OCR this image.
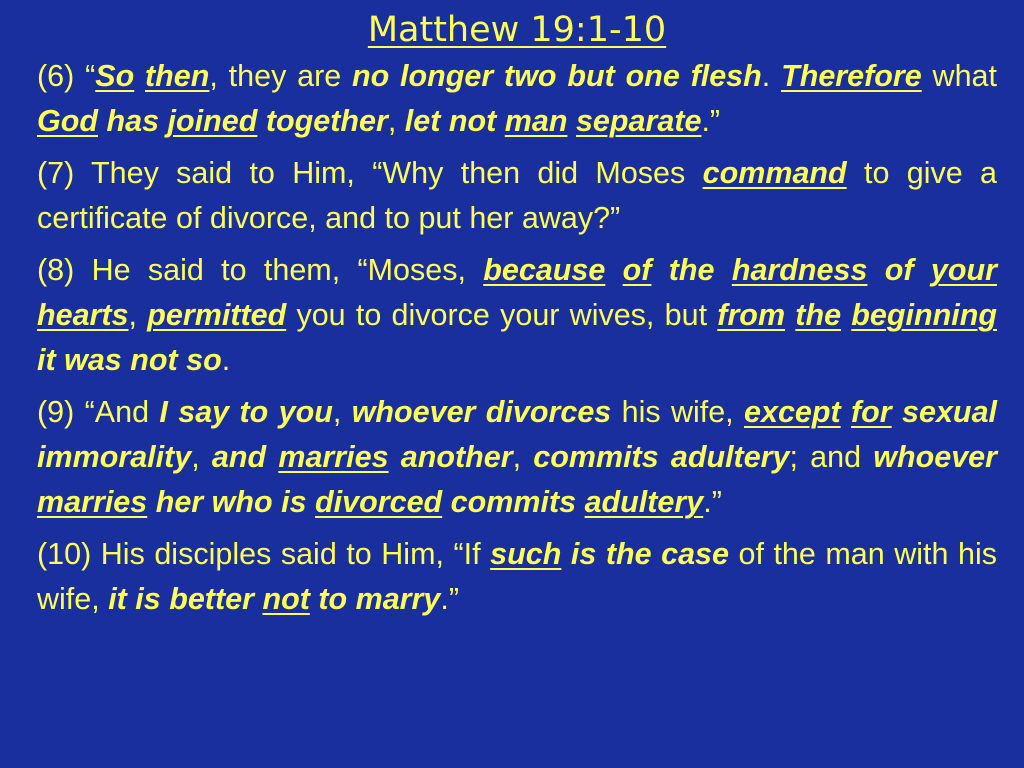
Matthew 19:1-10
(6) “So then, they are no longer two but one flesh. Therefore what God has joined together, let not man separate.”
(7) They said to Him, “Why then did Moses command to give a certificate of divorce, and to put her away?”
(8) He said to them, “Moses, because of the hardness of your hearts, permitted you to divorce your wives, but from the beginning it was not so.
(9) “And I say to you, whoever divorces his wife, except for sexual immorality, and marries another, commits adultery; and whoever marries her who is divorced commits adultery.”
(10) His disciples said to Him, “If such is the case of the man with his wife, it is better not to marry.”
